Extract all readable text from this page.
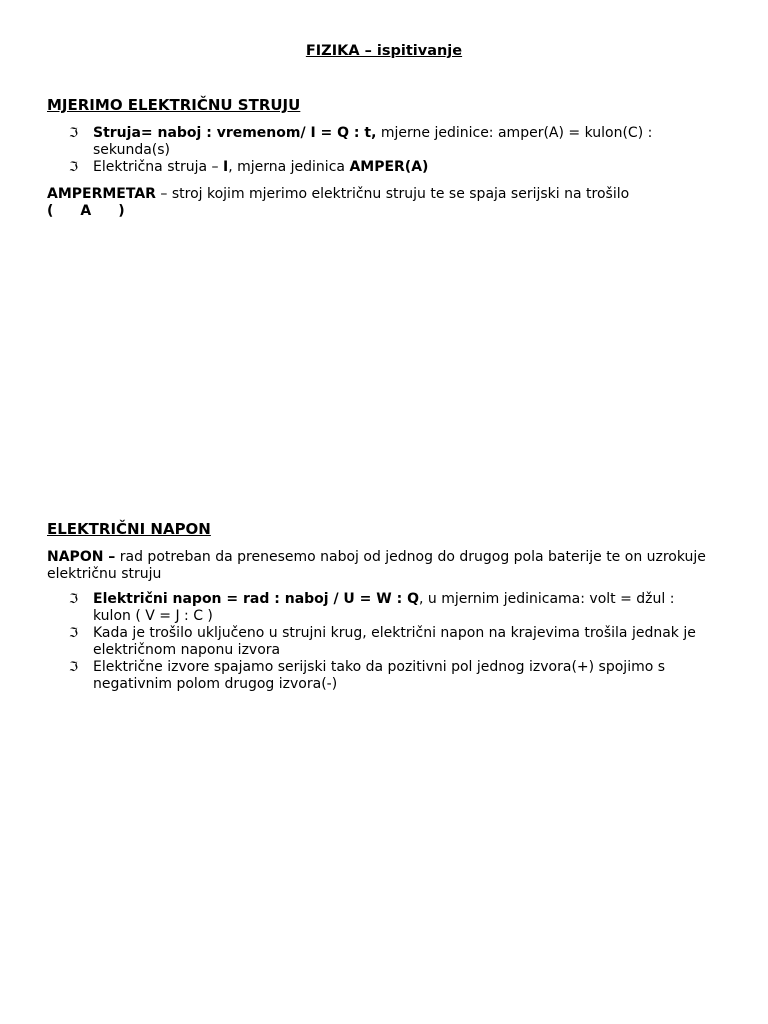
FIZIKA – ispitivanje
MJERIMO ELEKTRIČNU STRUJU
ℑ Struja= naboj : vremenom/ I = Q : t, mjerne jedinice: amper(A) = kulon(C) : sekunda(s)
ℑ Električna struja – I, mjerna jedinica AMPER(A)

AMPERMETAR – stroj kojim mjerimo električnu struju te se spaja serijski na trošilo( A )

ELEKTRIČNI NAPON

NAPON – rad potreban da prenesemo naboj od jednog do drugog pola baterije te on uzrokuje električnu struju

ℑ Električni napon = rad : naboj / U = W : Q, u mjernim jedinicama: volt = džul : kulon ( V = J : C )
ℑ Kada je trošilo uključeno u strujni krug, električni napon na krajevima trošila jednak je električnom naponu izvora
ℑ Električne izvore spajamo serijski tako da pozitivni pol jednog izvora(+) spojimo s negativnim polom drugog izvora(-)
